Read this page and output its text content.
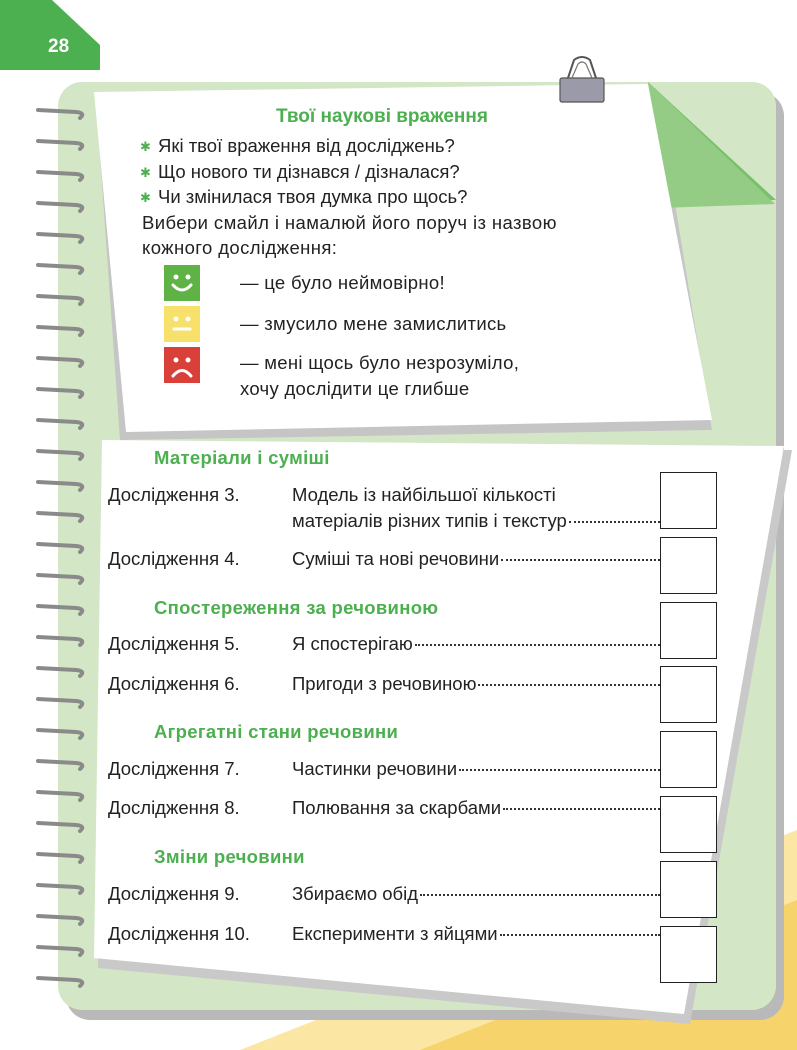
28
Твої наукові враження
✱ Які твої враження від досліджень?
✱ Що нового ти дізнався / дізналася?
✱ Чи змінилася твоя думка про щось?
Вибери смайл і намалюй його поруч із назвою кожного дослідження:
— це було неймовірно!
— змусило мене замислитись
— мені щось було незрозуміло,
хочу дослідити це глибше
Матеріали і суміші
Спостереження за речовиною
Агрегатні стани речовини
Зміни речовини
Дослідження 3.	Модель із найбільшої кількості
матеріалів різних типів і текстур
Дослідження 4.	Суміші та нові речовини
Дослідження 5.	Я спостерігаю
Дослідження 6.	Пригоди з речовиною
Дослідження 7.	Частинки речовини
Дослідження 8.	Полювання за скарбами
Дослідження 9.	Збираємо обід
Дослідження 10. Експерименти з яйцями
